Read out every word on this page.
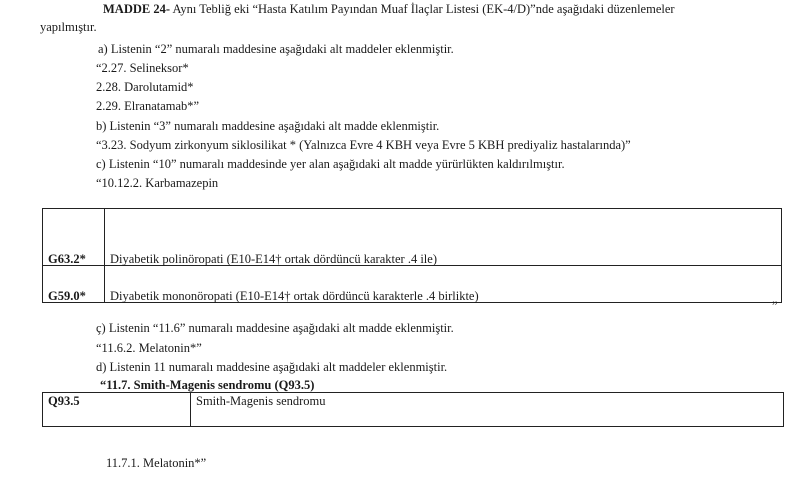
MADDE 24- Aynı Tebliğ eki “Hasta Katılım Payından Muaf İlaçlar Listesi (EK-4/D)”nde aşağıdaki düzenlemeler
yapılmıştır.
a) Listenin “2” numaralı maddesine aşağıdaki alt maddeler eklenmiştir.
“2.27. Selineksor*
2.28. Darolutamid*
2.29. Elranatamab*”
b) Listenin “3” numaralı maddesine aşağıdaki alt madde eklenmiştir.
“3.23. Sodyum zirkonyum siklosilikat * (Yalnızca Evre 4 KBH veya Evre 5 KBH prediyaliz hastalarında)”
c) Listenin “10” numaralı maddesinde yer alan aşağıdaki alt madde yürürlükten kaldırılmıştır.
“10.12.2. Karbamazepin
G63.2*	Diyabetik polinöropati (E10-E14† ortak dördüncü karakter .4 ile)
G59.0*	Diyabetik mononöropati (E10-E14† ortak dördüncü karakterle .4 birlikte)
”
ç) Listenin “11.6” numaralı maddesine aşağıdaki alt madde eklenmiştir.
“11.6.2. Melatonin*”
d) Listenin 11 numaralı maddesine aşağıdaki alt maddeler eklenmiştir.
“11.7. Smith-Magenis sendromu (Q93.5)
Q93.5	Smith-Magenis sendromu
11.7.1. Melatonin*”
